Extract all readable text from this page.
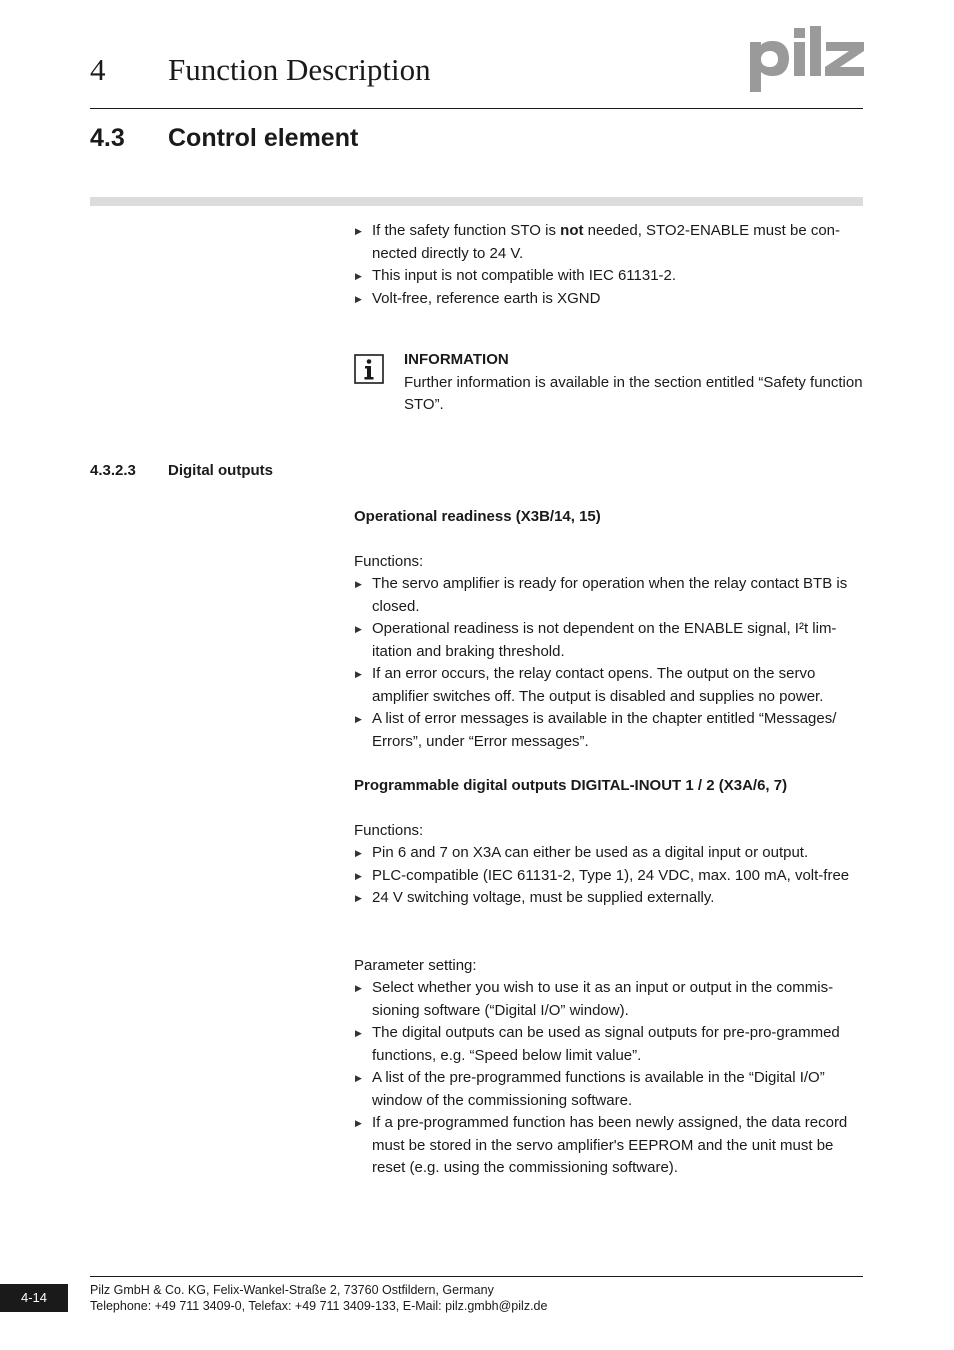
4 Function Description
4.3 Control element
▶ If the safety function STO is not needed, STO2-ENABLE must be con-nected directly to 24 V.
▶ This input is not compatible with IEC 61131-2.
▶ Volt-free, reference earth is XGND
INFORMATION
Further information is available in the section entitled “Safety function STO”.
4.3.2.3 Digital outputs
Operational readiness (X3B/14, 15)
Functions:
▶ The servo amplifier is ready for operation when the relay contact BTB is closed.
▶ Operational readiness is not dependent on the ENABLE signal, I²t lim-itation and braking threshold.
▶ If an error occurs, the relay contact opens. The output on the servo amplifier switches off. The output is disabled and supplies no power.
▶ A list of error messages is available in the chapter entitled “Messages/ Errors”, under “Error messages”.
Programmable digital outputs DIGITAL-INOUT 1 / 2 (X3A/6, 7)
Functions:
▶ Pin 6 and 7 on X3A can either be used as a digital input or output.
▶ PLC-compatible (IEC 61131-2, Type 1), 24 VDC, max. 100 mA, volt-free
▶ 24 V switching voltage, must be supplied externally.
Parameter setting:
▶ Select whether you wish to use it as an input or output in the commis-sioning software (“Digital I/O” window).
▶ The digital outputs can be used as signal outputs for pre-pro-grammed functions, e.g. “Speed below limit value”.
▶ A list of the pre-programmed functions is available in the “Digital I/O” window of the commissioning software.
▶ If a pre-programmed function has been newly assigned, the data record must be stored in the servo amplifier's EEPROM and the unit must be reset (e.g. using the commissioning software).
4-14	Pilz GmbH & Co. KG, Felix-Wankel-Straße 2, 73760 Ostfildern, Germany
Telephone: +49 711 3409-0, Telefax: +49 711 3409-133, E-Mail: pilz.gmbh@pilz.de
